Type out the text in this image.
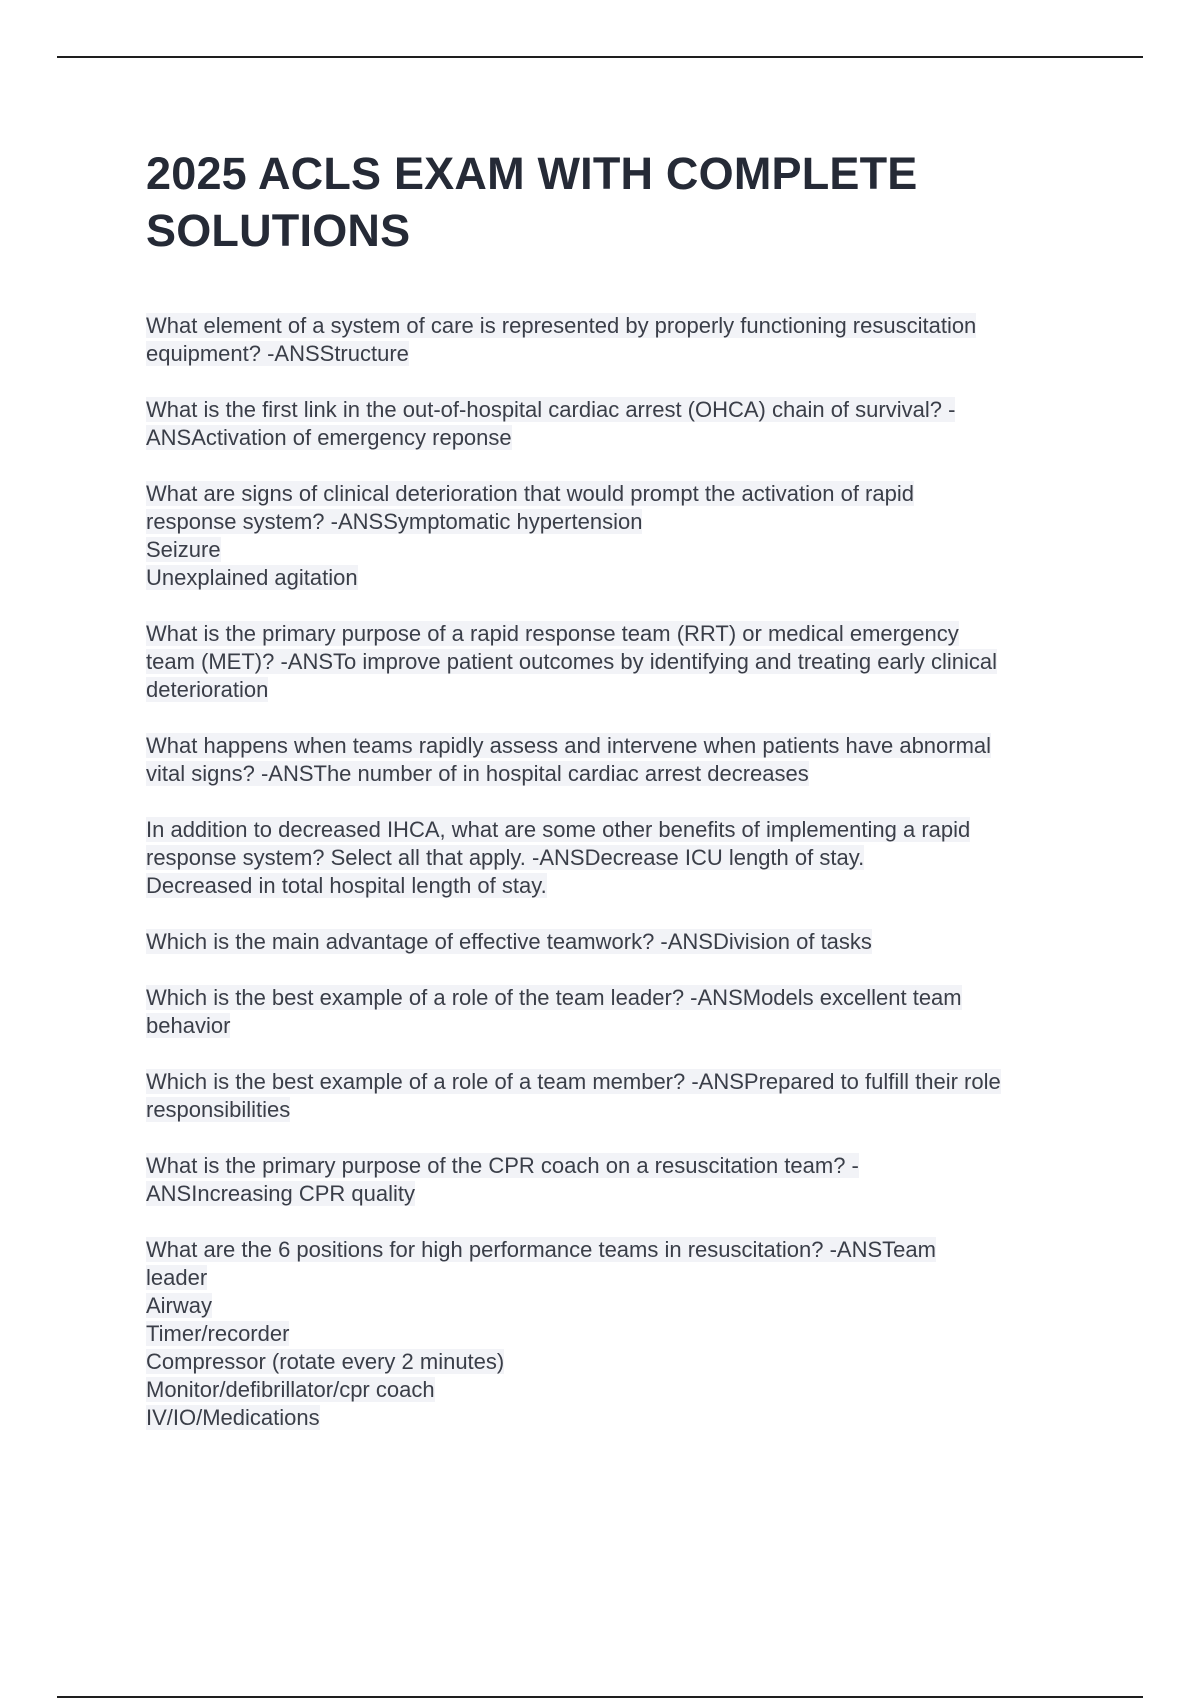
2025 ACLS EXAM WITH COMPLETE
SOLUTIONS
What element of a system of care is represented by properly functioning resuscitation
equipment? -ANSStructure
What is the first link in the out-of-hospital cardiac arrest (OHCA) chain of survival? -
ANSActivation of emergency reponse
What are signs of clinical deterioration that would prompt the activation of rapid
response system? -ANSSymptomatic hypertension
Seizure
Unexplained agitation
What is the primary purpose of a rapid response team (RRT) or medical emergency
team (MET)? -ANSTo improve patient outcomes by identifying and treating early clinical
deterioration
What happens when teams rapidly assess and intervene when patients have abnormal
vital signs? -ANSThe number of in hospital cardiac arrest decreases
In addition to decreased IHCA, what are some other benefits of implementing a rapid
response system? Select all that apply. -ANSDecrease ICU length of stay.
Decreased in total hospital length of stay.
Which is the main advantage of effective teamwork? -ANSDivision of tasks
Which is the best example of a role of the team leader? -ANSModels excellent team
behavior
Which is the best example of a role of a team member? -ANSPrepared to fulfill their role
responsibilities
What is the primary purpose of the CPR coach on a resuscitation team? -
ANSIncreasing CPR quality
What are the 6 positions for high performance teams in resuscitation? -ANSTeam
leader
Airway
Timer/recorder
Compressor (rotate every 2 minutes)
Monitor/defibrillator/cpr coach
IV/IO/Medications
